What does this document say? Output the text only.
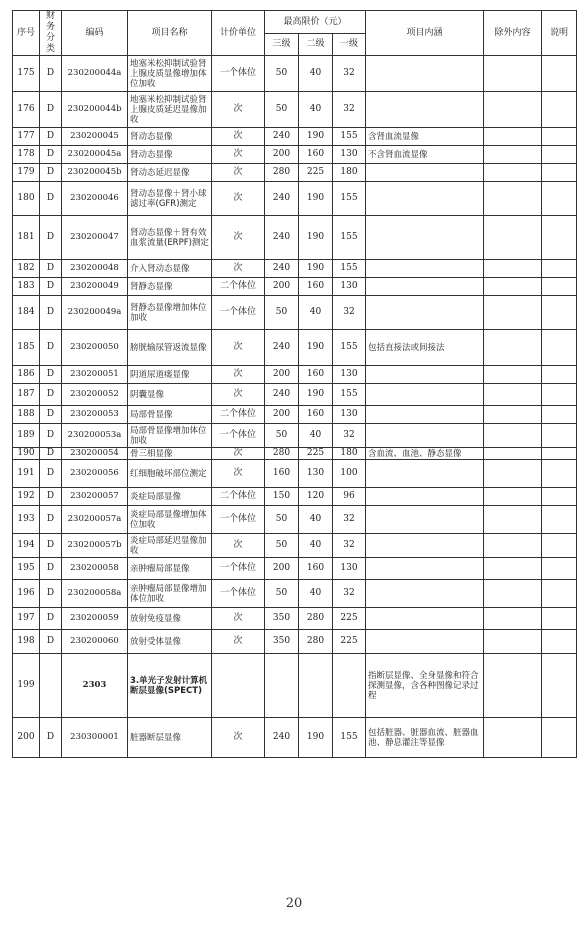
序号	财务分类	编码	项目名称	计价单位	最高限价（元）			项目内涵	除外内容	说明
					三级	二级	一级			
175	D	230200044a	地塞米松抑制试验肾上腺皮质显像增加体位加收	一个体位	50	40	32			
176	D	230200044b	地塞米松抑制试验肾上腺皮质延迟显像加收	次	50	40	32			
177	D	230200045	肾动态显像	次	240	190	155	含肾血流显像		
178	D	230200045a	肾动态显像	次	200	160	130	不含肾血流显像		
179	D	230200045b	肾动态延迟显像	次	280	225	180			
180	D	230200046	肾动态显像＋肾小球滤过率(GFR)测定	次	240	190	155			
181	D	230200047	肾动态显像＋肾有效血浆流量(ERPF)测定	次	240	190	155			
182	D	230200048	介入肾动态显像	次	240	190	155			
183	D	230200049	肾静态显像	二个体位	200	160	130			
184	D	230200049a	肾静态显像增加体位加收	一个体位	50	40	32			
185	D	230200050	膀胱输尿管返流显像	次	240	190	155	包括直接法或间接法		
186	D	230200051	阴道尿道瘘显像	次	200	160	130			
187	D	230200052	阴囊显像	次	240	190	155			
188	D	230200053	局部骨显像	二个体位	200	160	130			
189	D	230200053a	局部骨显像增加体位加收	一个体位	50	40	32			
190	D	230200054	骨三相显像	次	280	225	180	含血流、血池、静态显像		
191	D	230200056	红细胞破坏部位测定	次	160	130	100			
192	D	230200057	炎症局部显像	二个体位	150	120	96			
193	D	230200057a	炎症局部显像增加体位加收	一个体位	50	40	32			
194	D	230200057b	炎症局部延迟显像加收	次	50	40	32			
195	D	230200058	亲肿瘤局部显像	一个体位	200	160	130			
196	D	230200058a	亲肿瘤局部显像增加体位加收	一个体位	50	40	32			
197	D	230200059	放射免疫显像	次	350	280	225			
198	D	230200060	放射受体显像	次	350	280	225			
199		2303	3.单光子发射计算机断层显像(SPECT)					指断层显像、全身显像和符合探测显像，含各种图像记录过程		
200	D	230300001	脏器断层显像	次	240	190	155	包括脏器、脏器血流、脏器血池、静息灌注等显像		
20
